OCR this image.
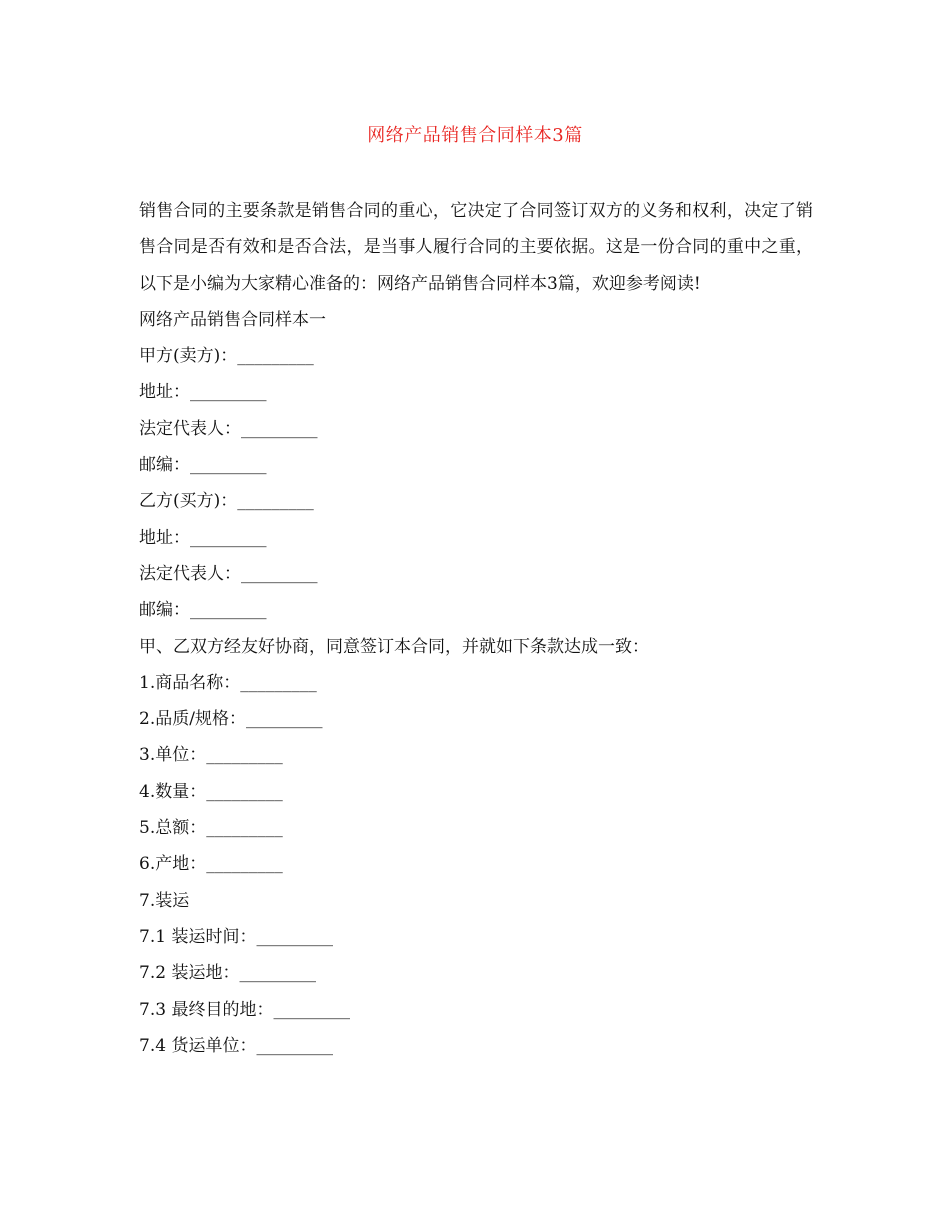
网络产品销售合同样本3篇

销售合同的主要条款是销售合同的重心，它决定了合同签订双方的义务和权利，决定了销售合同是否有效和是否合法，是当事人履行合同的主要依据。这是一份合同的重中之重，以下是小编为大家精心准备的：网络产品销售合同样本3篇，欢迎参考阅读!

网络产品销售合同样本一

甲方(卖方)：_________

地址：_________

法定代表人：_________

邮编：_________

乙方(买方)：_________

地址：_________

法定代表人：_________

邮编：_________

甲、乙双方经友好协商，同意签订本合同，并就如下条款达成一致：

1.商品名称：_________

2.品质/规格：_________

3.单位：_________

4.数量：_________

5.总额：_________

6.产地：_________

7.装运

7.1 装运时间：_________

7.2 装运地：_________

7.3 最终目的地：_________

7.4 货运单位：_________
